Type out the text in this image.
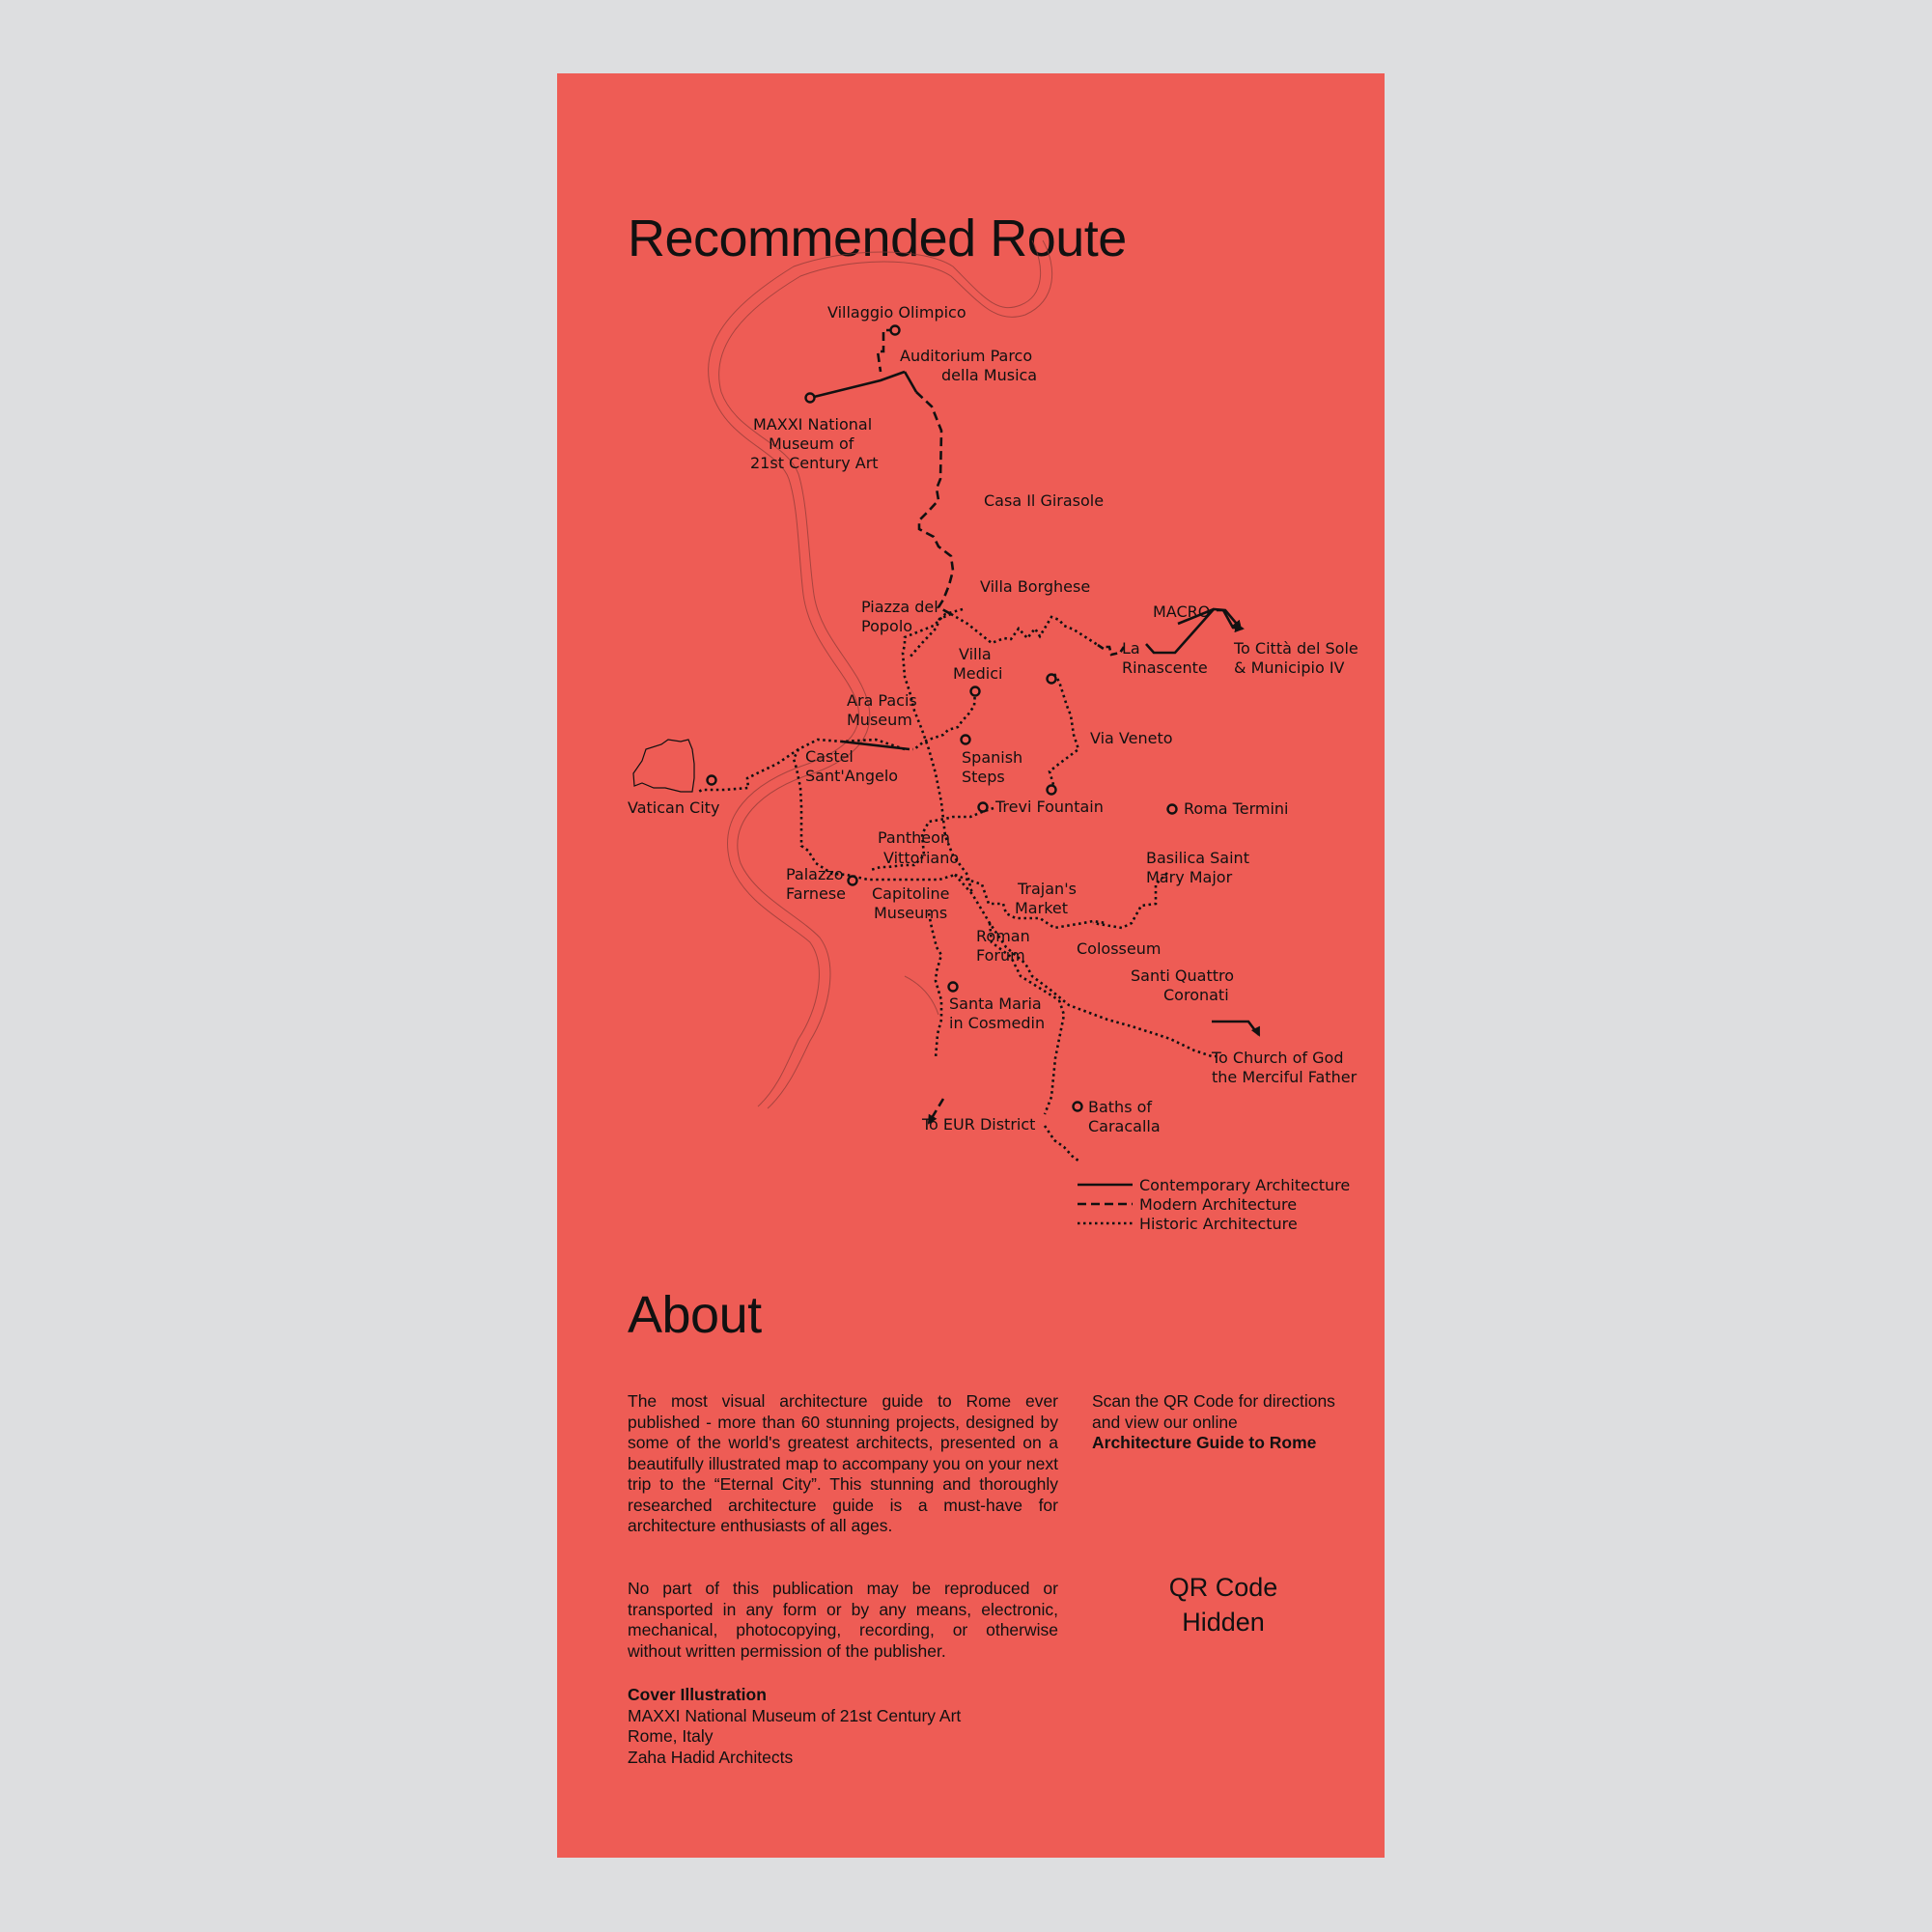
Recommended Route
Villaggio Olimpico
Auditorium Parco
della Musica
MAXXI National
Museum of
21st Century Art
Casa Il Girasole
Villa Borghese
Piazza del
Popolo
MACRO
La
Rinascente
To Città del Sole
& Municipio IV
Villa
Medici
Ara Pacis
Museum
Spanish
Steps
Via Veneto
Castel
Sant'Angelo
Vatican City	Trevi Fountain	Roma Termini
Pantheon
Vittoriano	Basilica Saint
Mary Major
Palazzo
Farnese Capitoline
Museums
Trajan's
Market
Roman
Forum	Colosseum
Santi Quattro
Coronati
Santa Maria
in Cosmedin
To Church of God
the Merciful Father
To EUR District
Baths of
Caracalla
Contemporary Architecture
Modern Architecture
Historic Architecture
About

The most visual architecture guide to Rome ever published - more than 60 stunning projects, designed by some of the world's greatest architects, presented on a beautifully illustrated map to accompany you on your next trip to the “Eternal City”. This stunning and thoroughly researched architecture guide is a must-have for architecture enthusiasts of all ages.

No part of this publication may be reproduced or transported in any form or by any means, electronic, mechanical, photocopying, recording, or otherwise without written permission of the publisher.

Scan the QR Code for directions and view our online
Architecture Guide to Rome
QR Code
Hidden
Cover Illustration
MAXXI National Museum of 21st Century Art
Rome, Italy
Zaha Hadid Architects
